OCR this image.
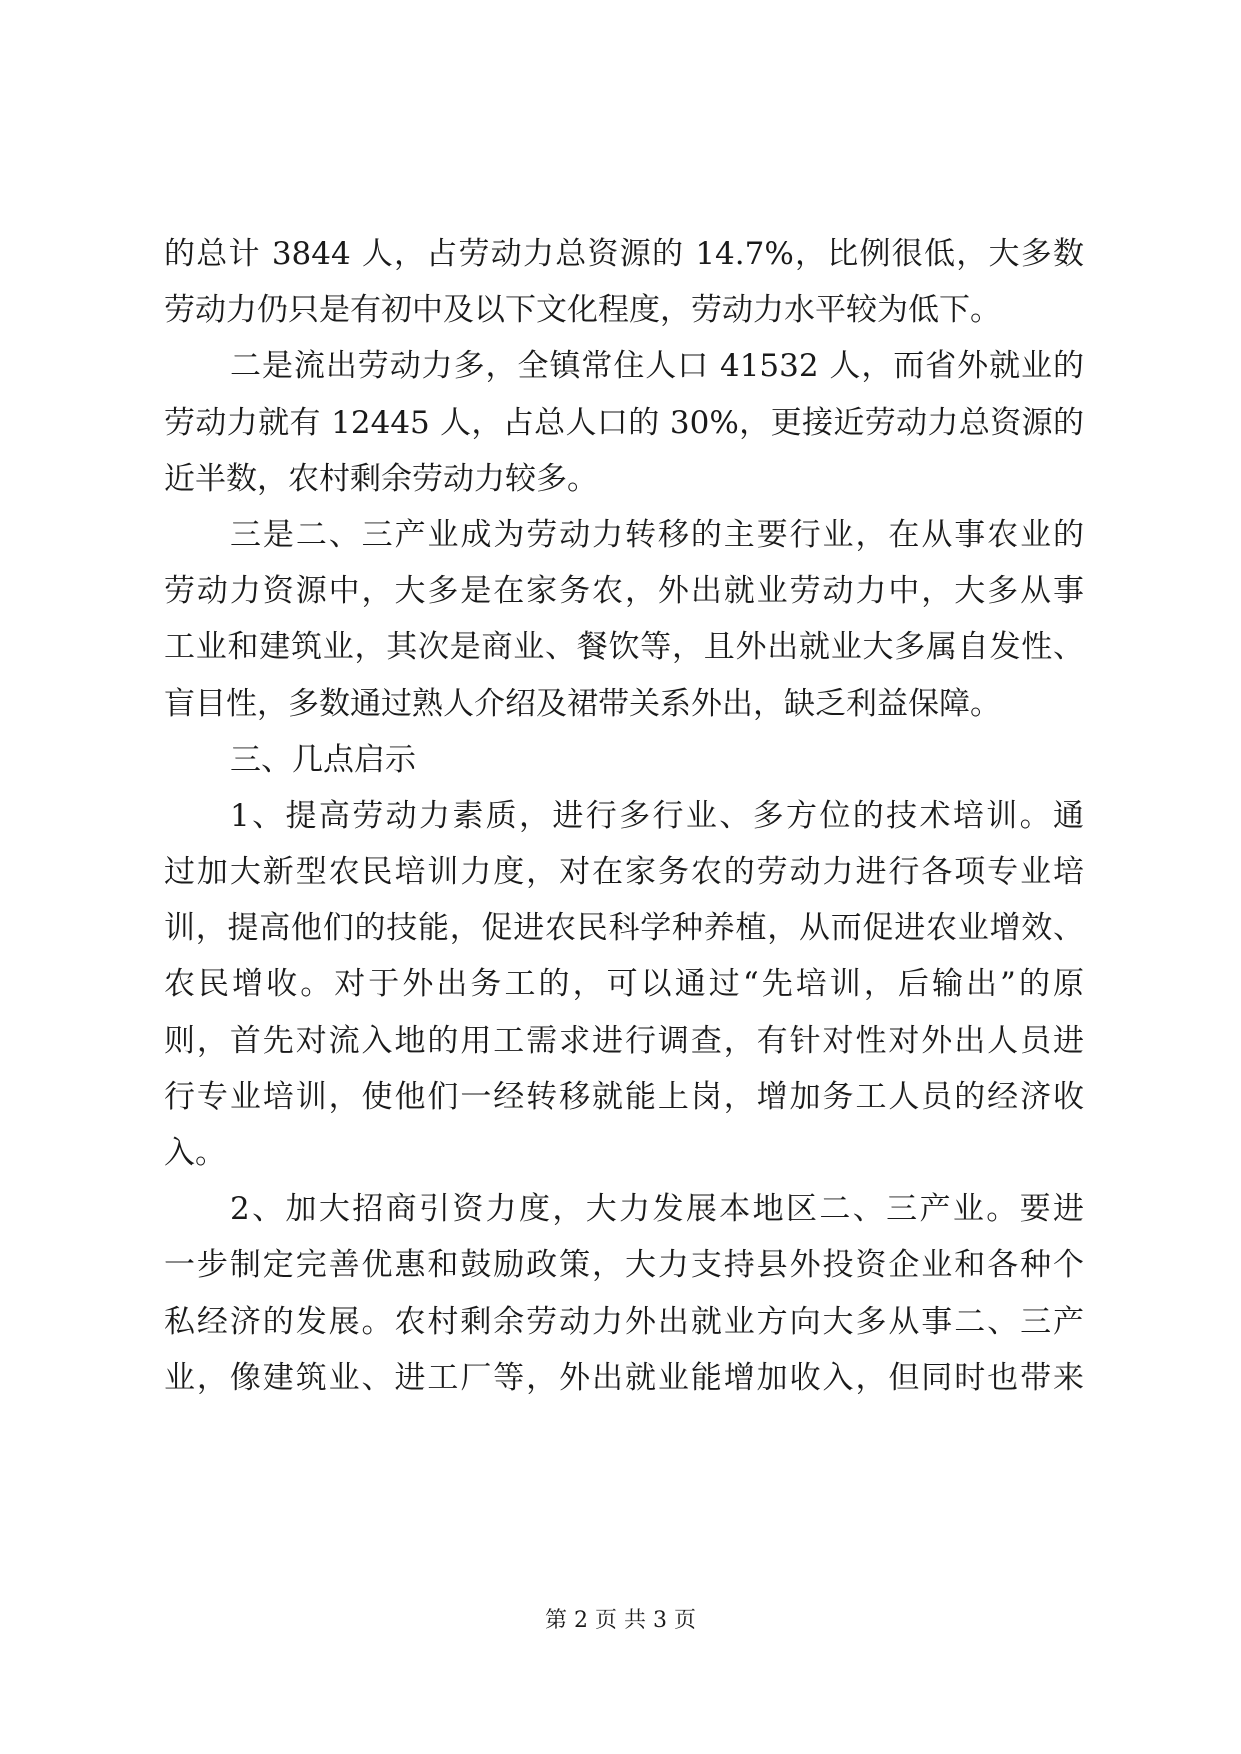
的总计 3844 人，占劳动力总资源的 14.7%，比例很低，大多数
劳动力仍只是有初中及以下文化程度，劳动力水平较为低下。
二是流出劳动力多，全镇常住人口 41532 人，而省外就业的
劳动力就有 12445 人，占总人口的 30%，更接近劳动力总资源的
近半数，农村剩余劳动力较多。
三是二、三产业成为劳动力转移的主要行业，在从事农业的
劳动力资源中，大多是在家务农，外出就业劳动力中，大多从事
工业和建筑业，其次是商业、餐饮等，且外出就业大多属自发性、
盲目性，多数通过熟人介绍及裙带关系外出，缺乏利益保障。
三、几点启示
1、提高劳动力素质，进行多行业、多方位的技术培训。通
过加大新型农民培训力度，对在家务农的劳动力进行各项专业培
训，提高他们的技能，促进农民科学种养植，从而促进农业增效、
农民增收。对于外出务工的，可以通过“先培训，后输出”的原
则，首先对流入地的用工需求进行调查，有针对性对外出人员进
行专业培训，使他们一经转移就能上岗，增加务工人员的经济收
入。
2、加大招商引资力度，大力发展本地区二、三产业。要进
一步制定完善优惠和鼓励政策，大力支持县外投资企业和各种个
私经济的发展。农村剩余劳动力外出就业方向大多从事二、三产
业，像建筑业、进工厂等，外出就业能增加收入，但同时也带来
第 2 页 共 3 页
